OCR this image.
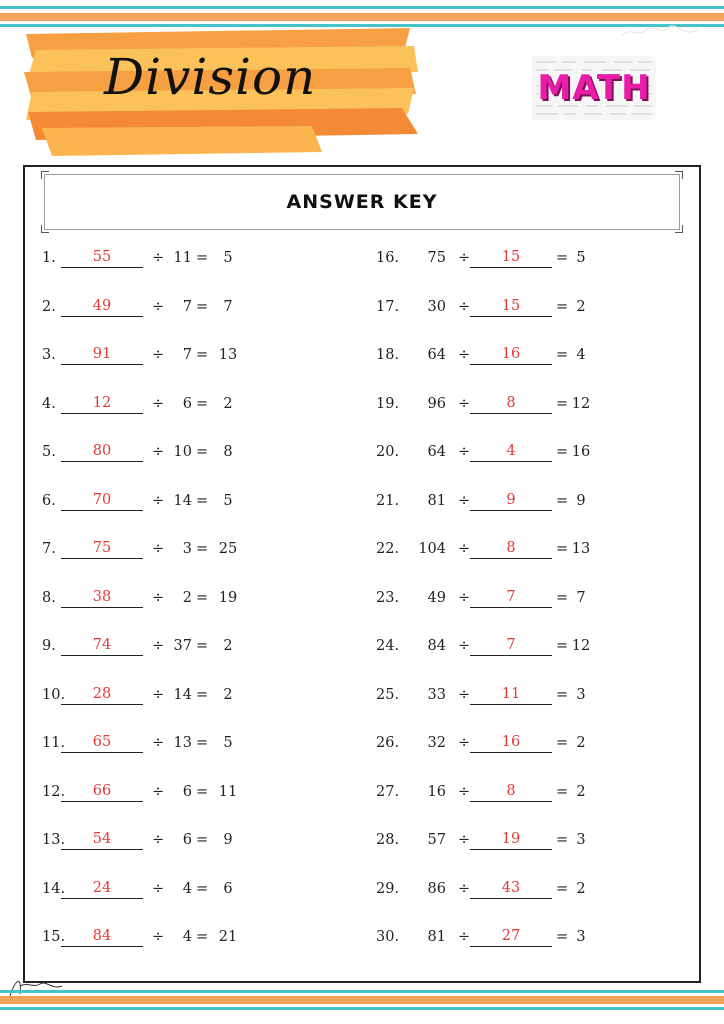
Division	MATH
ANSWER KEY
1.	55	÷ 11 =	5
2.	49	÷	7 =	7
3.	91	÷	7 = 13
4.	12	÷	6 =	2
5.	80	÷ 10 =	8
6.	70	÷ 14 =	5
7.	75	÷	3 = 25
8.	38	÷	2 = 19
9.	74	÷ 37 =	2
10.	28	÷ 14 =	2
11.	65	÷ 13 =	5
12.	66	÷	6 = 11
13.	54	÷	6 =	9
14.	24	÷	4 =	6
15.	84	÷	4 = 21
16.	75 ÷	15	= 5
17.	30 ÷	15	= 2
18.	64 ÷	16	= 4
19.	96 ÷	8	= 12
20.	64 ÷	4	= 16
21.	81 ÷	9	= 9
22. 104 ÷	8	= 13
23.	49 ÷	7	= 7
24.	84 ÷	7	= 12
25.	33 ÷	11	= 3
26.	32 ÷	16	= 2
27.	16 ÷	8	= 2
28.	57 ÷	19	= 3
29.	86 ÷	43	= 2
30.	81 ÷	27	= 3
